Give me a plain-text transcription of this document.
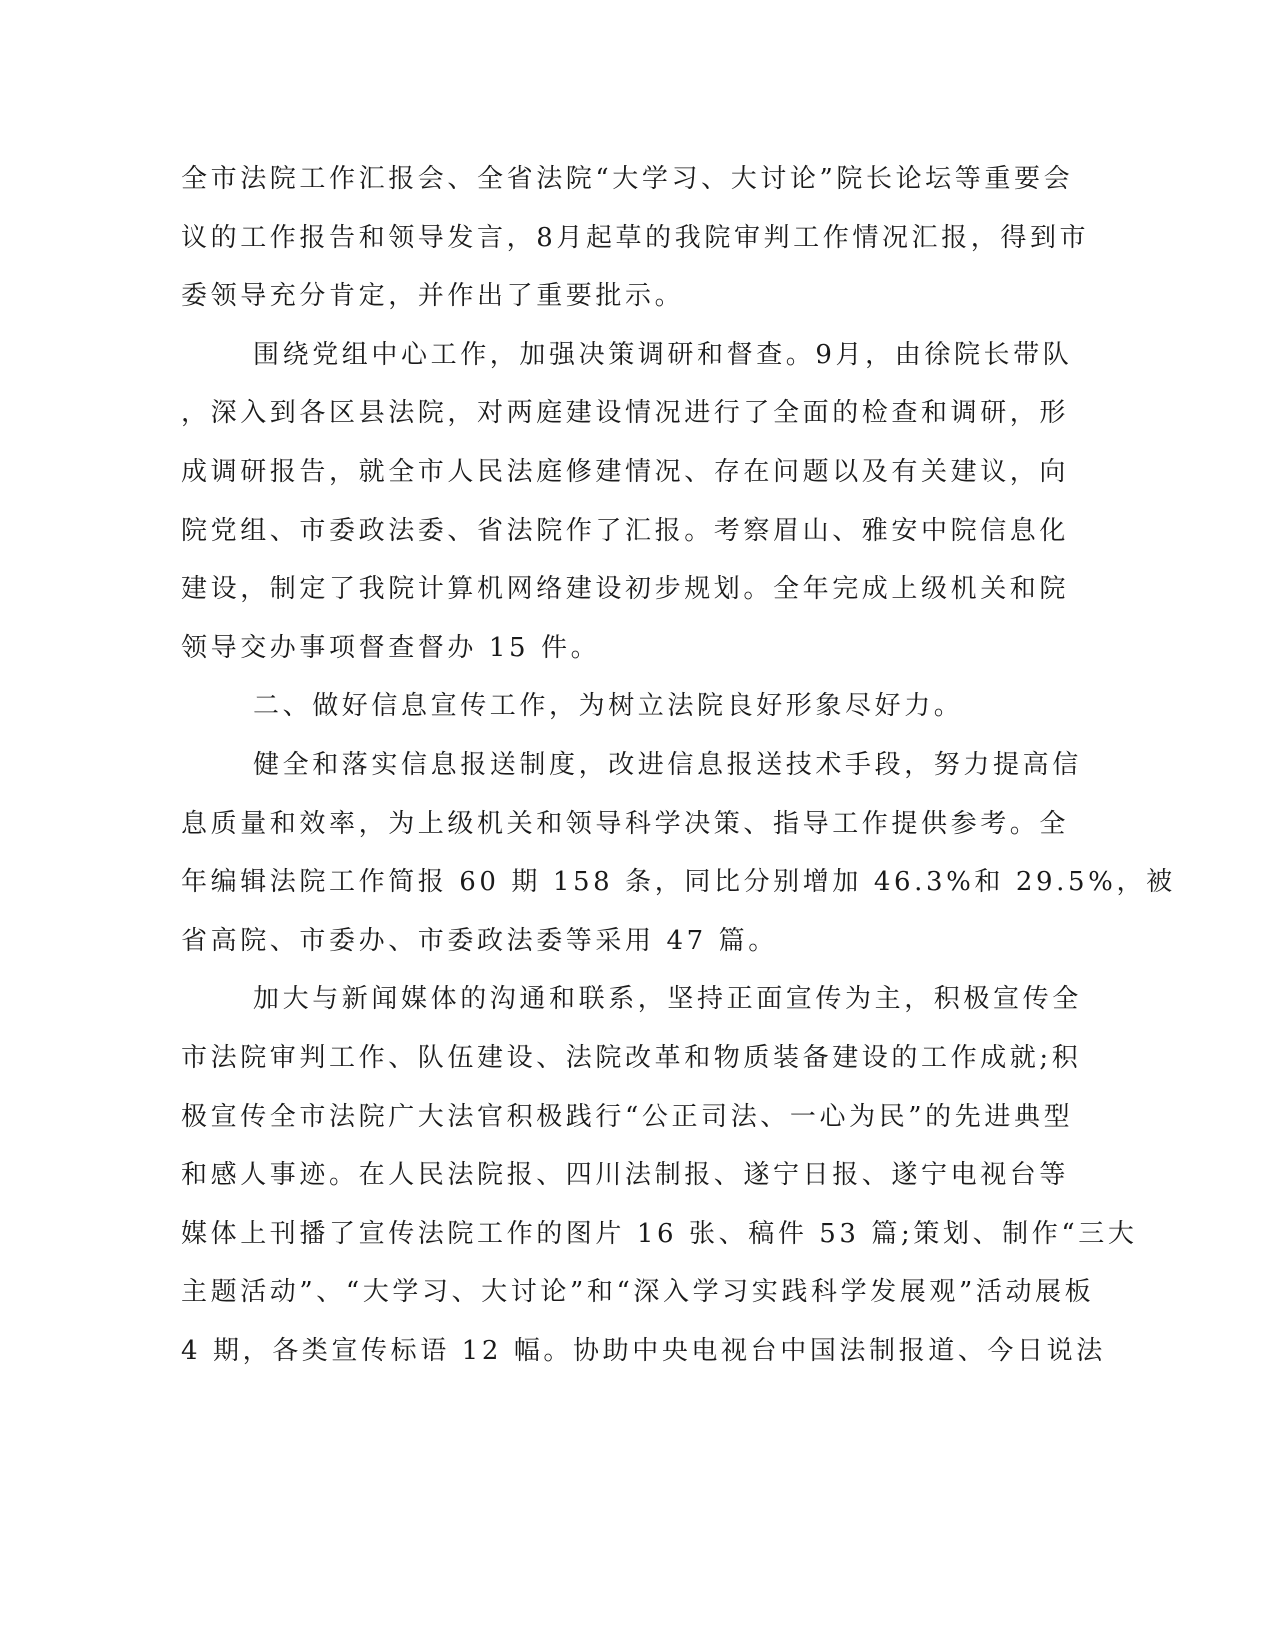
全市法院工作汇报会、全省法院“大学习、大讨论”院长论坛等重要会
议的工作报告和领导发言，8月起草的我院审判工作情况汇报，得到市
委领导充分肯定，并作出了重要批示。
围绕党组中心工作，加强决策调研和督查。9月，由徐院长带队
，深入到各区县法院，对两庭建设情况进行了全面的检查和调研，形
成调研报告，就全市人民法庭修建情况、存在问题以及有关建议，向
院党组、市委政法委、省法院作了汇报。考察眉山、雅安中院信息化
建设，制定了我院计算机网络建设初步规划。全年完成上级机关和院
领导交办事项督查督办 15 件。
二、做好信息宣传工作，为树立法院良好形象尽好力。
健全和落实信息报送制度，改进信息报送技术手段，努力提高信
息质量和效率，为上级机关和领导科学决策、指导工作提供参考。全
年编辑法院工作简报 60 期 158 条，同比分别增加 46.3%和 29.5%，被
省高院、市委办、市委政法委等采用 47 篇。
加大与新闻媒体的沟通和联系，坚持正面宣传为主，积极宣传全
市法院审判工作、队伍建设、法院改革和物质装备建设的工作成就;积
极宣传全市法院广大法官积极践行“公正司法、一心为民”的先进典型
和感人事迹。在人民法院报、四川法制报、遂宁日报、遂宁电视台等
媒体上刊播了宣传法院工作的图片 16 张、稿件 53 篇;策划、制作“三大
主题活动”、“大学习、大讨论”和“深入学习实践科学发展观”活动展板
4 期，各类宣传标语 12 幅。协助中央电视台中国法制报道、今日说法
